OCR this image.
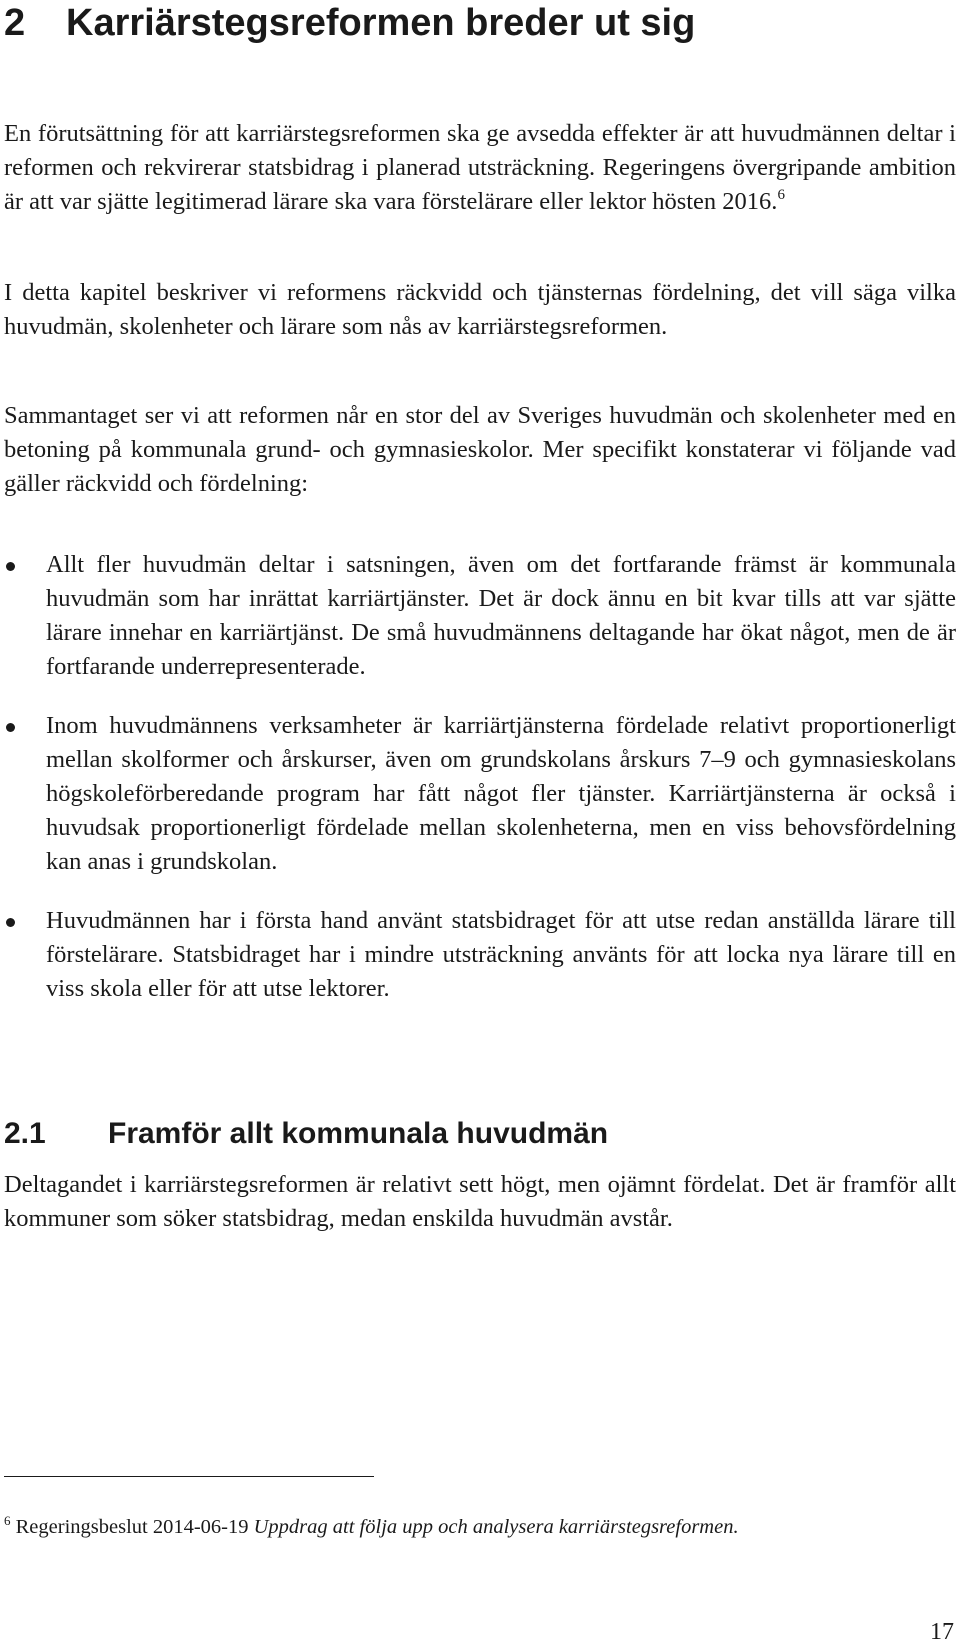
2 Karriärstegsreformen breder ut sig

En förutsättning för att karriärstegsreformen ska ge avsedda effekter är att huvudmännen deltar i reformen och rekvirerar statsbidrag i planerad utsträckning. Regeringens övergripande ambition är att var sjätte legitimerad lärare ska vara förstelärare eller lektor hösten 2016.$^6$

I detta kapitel beskriver vi reformens räckvidd och tjänsternas fördelning, det vill säga vilka huvudmän, skolenheter och lärare som nås av karriärstegsreformen.

Sammantaget ser vi att reformen når en stor del av Sveriges huvudmän och skolenheter med en betoning på kommunala grund- och gymnasieskolor. Mer specifikt konstaterar vi följande vad gäller räckvidd och fördelning:

Allt fler huvudmän deltar i satsningen, även om det fortfarande främst är kommunala huvudmän som har inrättat karriärtjänster. Det är dock ännu en bit kvar tills att var sjätte lärare innehar en karriärtjänst. De små huvudmännens deltagande har ökat något, men de är fortfarande underrepresenterade.
Inom huvudmännens verksamheter är karriärtjänsterna fördelade relativt proportionerligt mellan skolformer och årskurser, även om grundskolans årskurs 7–9 och gymnasieskolans högskoleförberedande program har fått något fler tjänster. Karriärtjänsterna är också i huvudsak proportionerligt fördelade mellan skolenheterna, men en viss behovsfördelning kan anas i grundskolan.
Huvudmännen har i första hand använt statsbidraget för att utse redan anställda lärare till förstelärare. Statsbidraget har i mindre utsträckning använts för att locka nya lärare till en viss skola eller för att utse lektorer.
2.1 Framför allt kommunala huvudmän

Deltagandet i karriärstegsreformen är relativt sett högt, men ojämnt fördelat. Det är framför allt kommuner som söker statsbidrag, medan enskilda huvudmän avstår.

$^6$ Regeringsbeslut 2014-06-19 Uppdrag att följa upp och analysera karriärstegsreformen.
17
